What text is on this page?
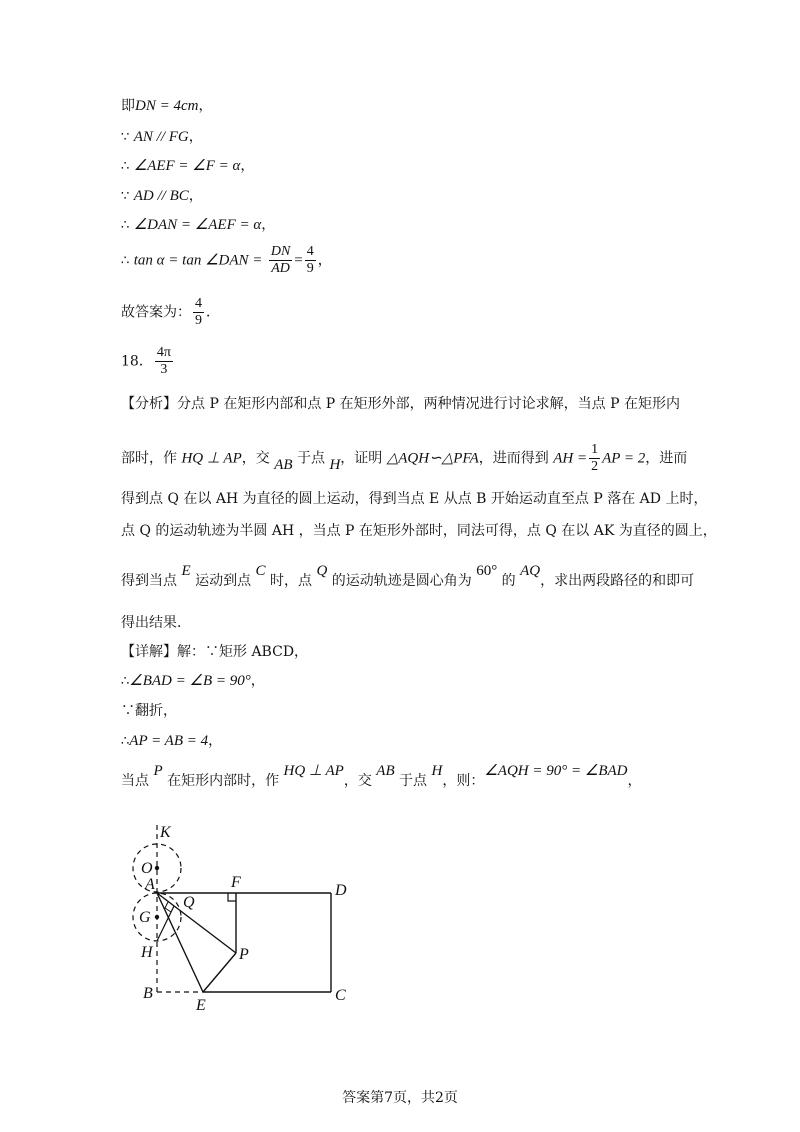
即DN = 4cm，
∵ AN // FG，
∴ ∠AEF = ∠F = α，
∵ AD // BC，
∴ ∠DAN = ∠AEF = α，
∴ tan α = tan ∠DAN = $\frac{DN}{AD} = \frac{4}{9}$ ，
故答案为： $\frac{4}{9}$ ．
18． $\frac{4\pi}{3}$
【分析】分点 P 在矩形内部和点 P 在矩形外部，两种情况进行讨论求解，当点 P 在矩形内
部时，作 HQ ⊥ AP，交 AB 于点 H，证明 △AQH∽△PFA，进而得到 AH = $\frac{1}{2}$ AP = 2，进而
得到点 Q 在以 AH 为直径的圆上运动，得到当点 E 从点 B 开始运动直至点 P 落在 AD 上时，
点 Q 的运动轨迹为半圆 AH ，当点 P 在矩形外部时，同法可得，点 Q 在以 AK 为直径的圆上，
得到当点 E 运动到点 C 时，点 Q 的运动轨迹是圆心角为 60° 的 AQ，求出两段路径的和即可
得出结果．
【详解】解：∵矩形 ABCD，
∴∠BAD = ∠B = 90°，
∵翻折，
∴AP = AB = 4，
当点 P 在矩形内部时，作 HQ ⊥ AP，交 AB 于点 H，则：∠AQH = 90° = ∠BAD，
K
O
A	F	D
G
Q
H	P
B
E
C
答案第7页，共2页
